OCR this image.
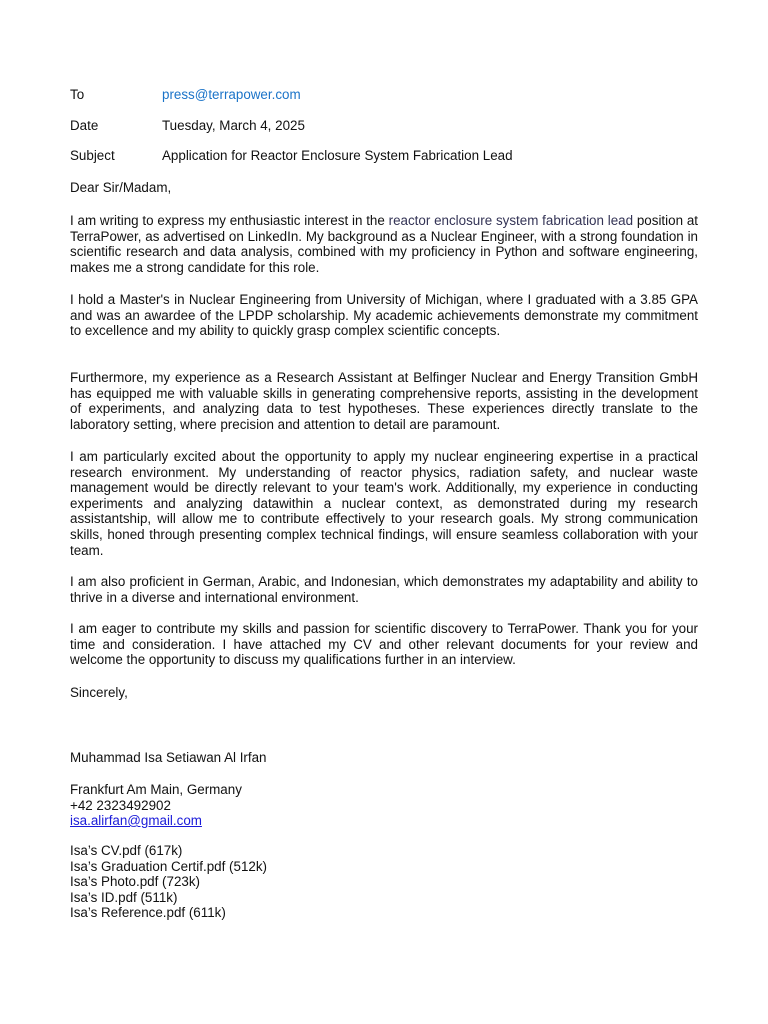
To	press@terrapower.com
Date	Tuesday, March 4, 2025
Subject	Application for Reactor Enclosure System Fabrication Lead
Dear Sir/Madam,

I am writing to express my enthusiastic interest in the reactor enclosure system fabrication lead position at TerraPower, as advertised on LinkedIn. My background as a Nuclear Engineer, with a strong foundation in scientific research and data analysis, combined with my proficiency in Python and software engineering, makes me a strong candidate for this role.

I hold a Master's in Nuclear Engineering from University of Michigan, where I graduated with a 3.85 GPA and was an awardee of the LPDP scholarship. My academic achievements demonstrate my commitment to excellence and my ability to quickly grasp complex scientific concepts.

Furthermore, my experience as a Research Assistant at Belfinger Nuclear and Energy Transition GmbH has equipped me with valuable skills in generating comprehensive reports, assisting in the development of experiments, and analyzing data to test hypotheses. These experiences directly translate to the laboratory setting, where precision and attention to detail are paramount.

I am particularly excited about the opportunity to apply my nuclear engineering expertise in a practical research environment. My understanding of reactor physics, radiation safety, and nuclear waste management would be directly relevant to your team's work. Additionally, my experience in conducting experiments and analyzing datawithin a nuclear context, as demonstrated during my research assistantship, will allow me to contribute effectively to your research goals. My strong communication skills, honed through presenting complex technical findings, will ensure seamless collaboration with your team.

I am also proficient in German, Arabic, and Indonesian, which demonstrates my adaptability and ability to thrive in a diverse and international environment.

I am eager to contribute my skills and passion for scientific discovery to TerraPower. Thank you for your time and consideration. I have attached my CV and other relevant documents for your review and welcome the opportunity to discuss my qualifications further in an interview.

Sincerely,
Muhammad Isa Setiawan Al Irfan
Frankfurt Am Main, Germany
+42 2323492902
isa.alirfan@gmail.com
Isa’s CV.pdf (617k)
Isa’s Graduation Certif.pdf (512k)
Isa’s Photo.pdf (723k)
Isa’s ID.pdf (511k)
Isa’s Reference.pdf (611k)
